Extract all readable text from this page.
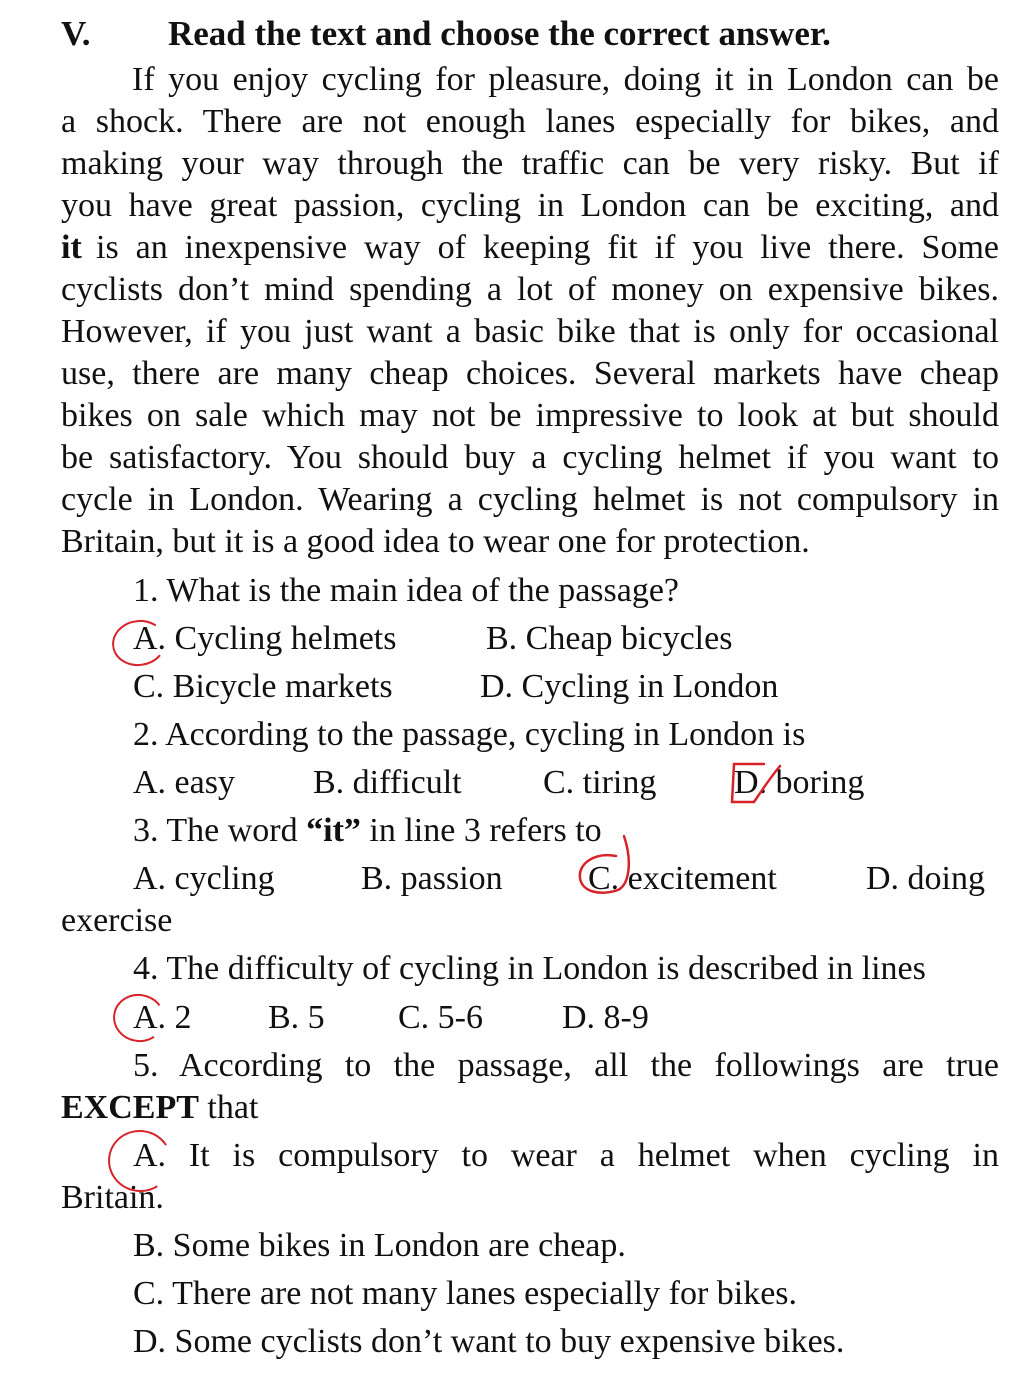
V. Read the text and choose the correct answer.
If you enjoy cycling for pleasure, doing it in London can be
a shock. There are not enough lanes especially for bikes, and
making your way through the traffic can be very risky. But if
you have great passion, cycling in London can be exciting, and
it is an inexpensive way of keeping fit if you live there. Some
cyclists don’t mind spending a lot of money on expensive bikes.
However, if you just want a basic bike that is only for occasional
use, there are many cheap choices. Several markets have cheap
bikes on sale which may not be impressive to look at but should
be satisfactory. You should buy a cycling helmet if you want to
cycle in London. Wearing a cycling helmet is not compulsory in
Britain, but it is a good idea to wear one for protection.
1. What is the main idea of the passage?
A. Cycling helmets	B. Cheap bicycles
C. Bicycle markets	D. Cycling in London
2. According to the passage, cycling in London is
A. easy B. difficult C. tiring D. boring
3. The word “it” in line 3 refers to
A. cycling	B. passion	C. excitement	D. doing
exercise
4. The difficulty of cycling in London is described in lines
A. 2 B. 5 C. 5-6 D. 8-9
5. According to the passage, all the followings are true
EXCEPT that
A. It is compulsory to wear a helmet when cycling in
Britain.
B. Some bikes in London are cheap.
C. There are not many lanes especially for bikes.
D. Some cyclists don’t want to buy expensive bikes.
